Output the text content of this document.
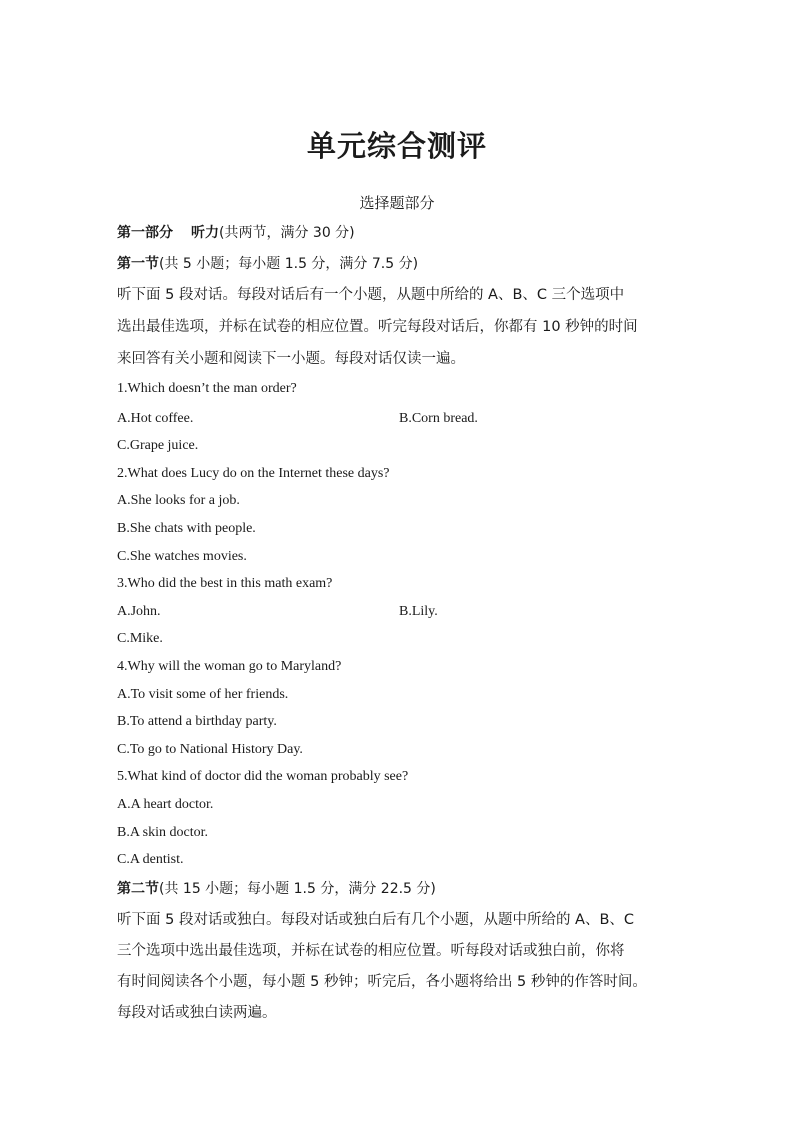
单元综合测评
选择题部分
第一部分 听力(共两节，满分 30 分)
第一节(共 5 小题；每小题 1.5 分，满分 7.5 分)
听下面 5 段对话。每段对话后有一个小题，从题中所给的 A、B、C 三个选项中
选出最佳选项，并标在试卷的相应位置。听完每段对话后，你都有 10 秒钟的时间
来回答有关小题和阅读下一小题。每段对话仅读一遍。
1.Which doesn’t the man order?
A.Hot coffee.	B.Corn bread.
C.Grape juice.
2.What does Lucy do on the Internet these days?
A.She looks for a job.
B.She chats with people.
C.She watches movies.
3.Who did the best in this math exam?
A.John.	B.Lily.
C.Mike.
4.Why will the woman go to Maryland?
A.To visit some of her friends.
B.To attend a birthday party.
C.To go to National History Day.
5.What kind of doctor did the woman probably see?
A.A heart doctor.
B.A skin doctor.
C.A dentist.
第二节(共 15 小题；每小题 1.5 分，满分 22.5 分)
听下面 5 段对话或独白。每段对话或独白后有几个小题，从题中所给的 A、B、C
三个选项中选出最佳选项，并标在试卷的相应位置。听每段对话或独白前，你将
有时间阅读各个小题，每小题 5 秒钟；听完后，各小题将给出 5 秒钟的作答时间。
每段对话或独白读两遍。
